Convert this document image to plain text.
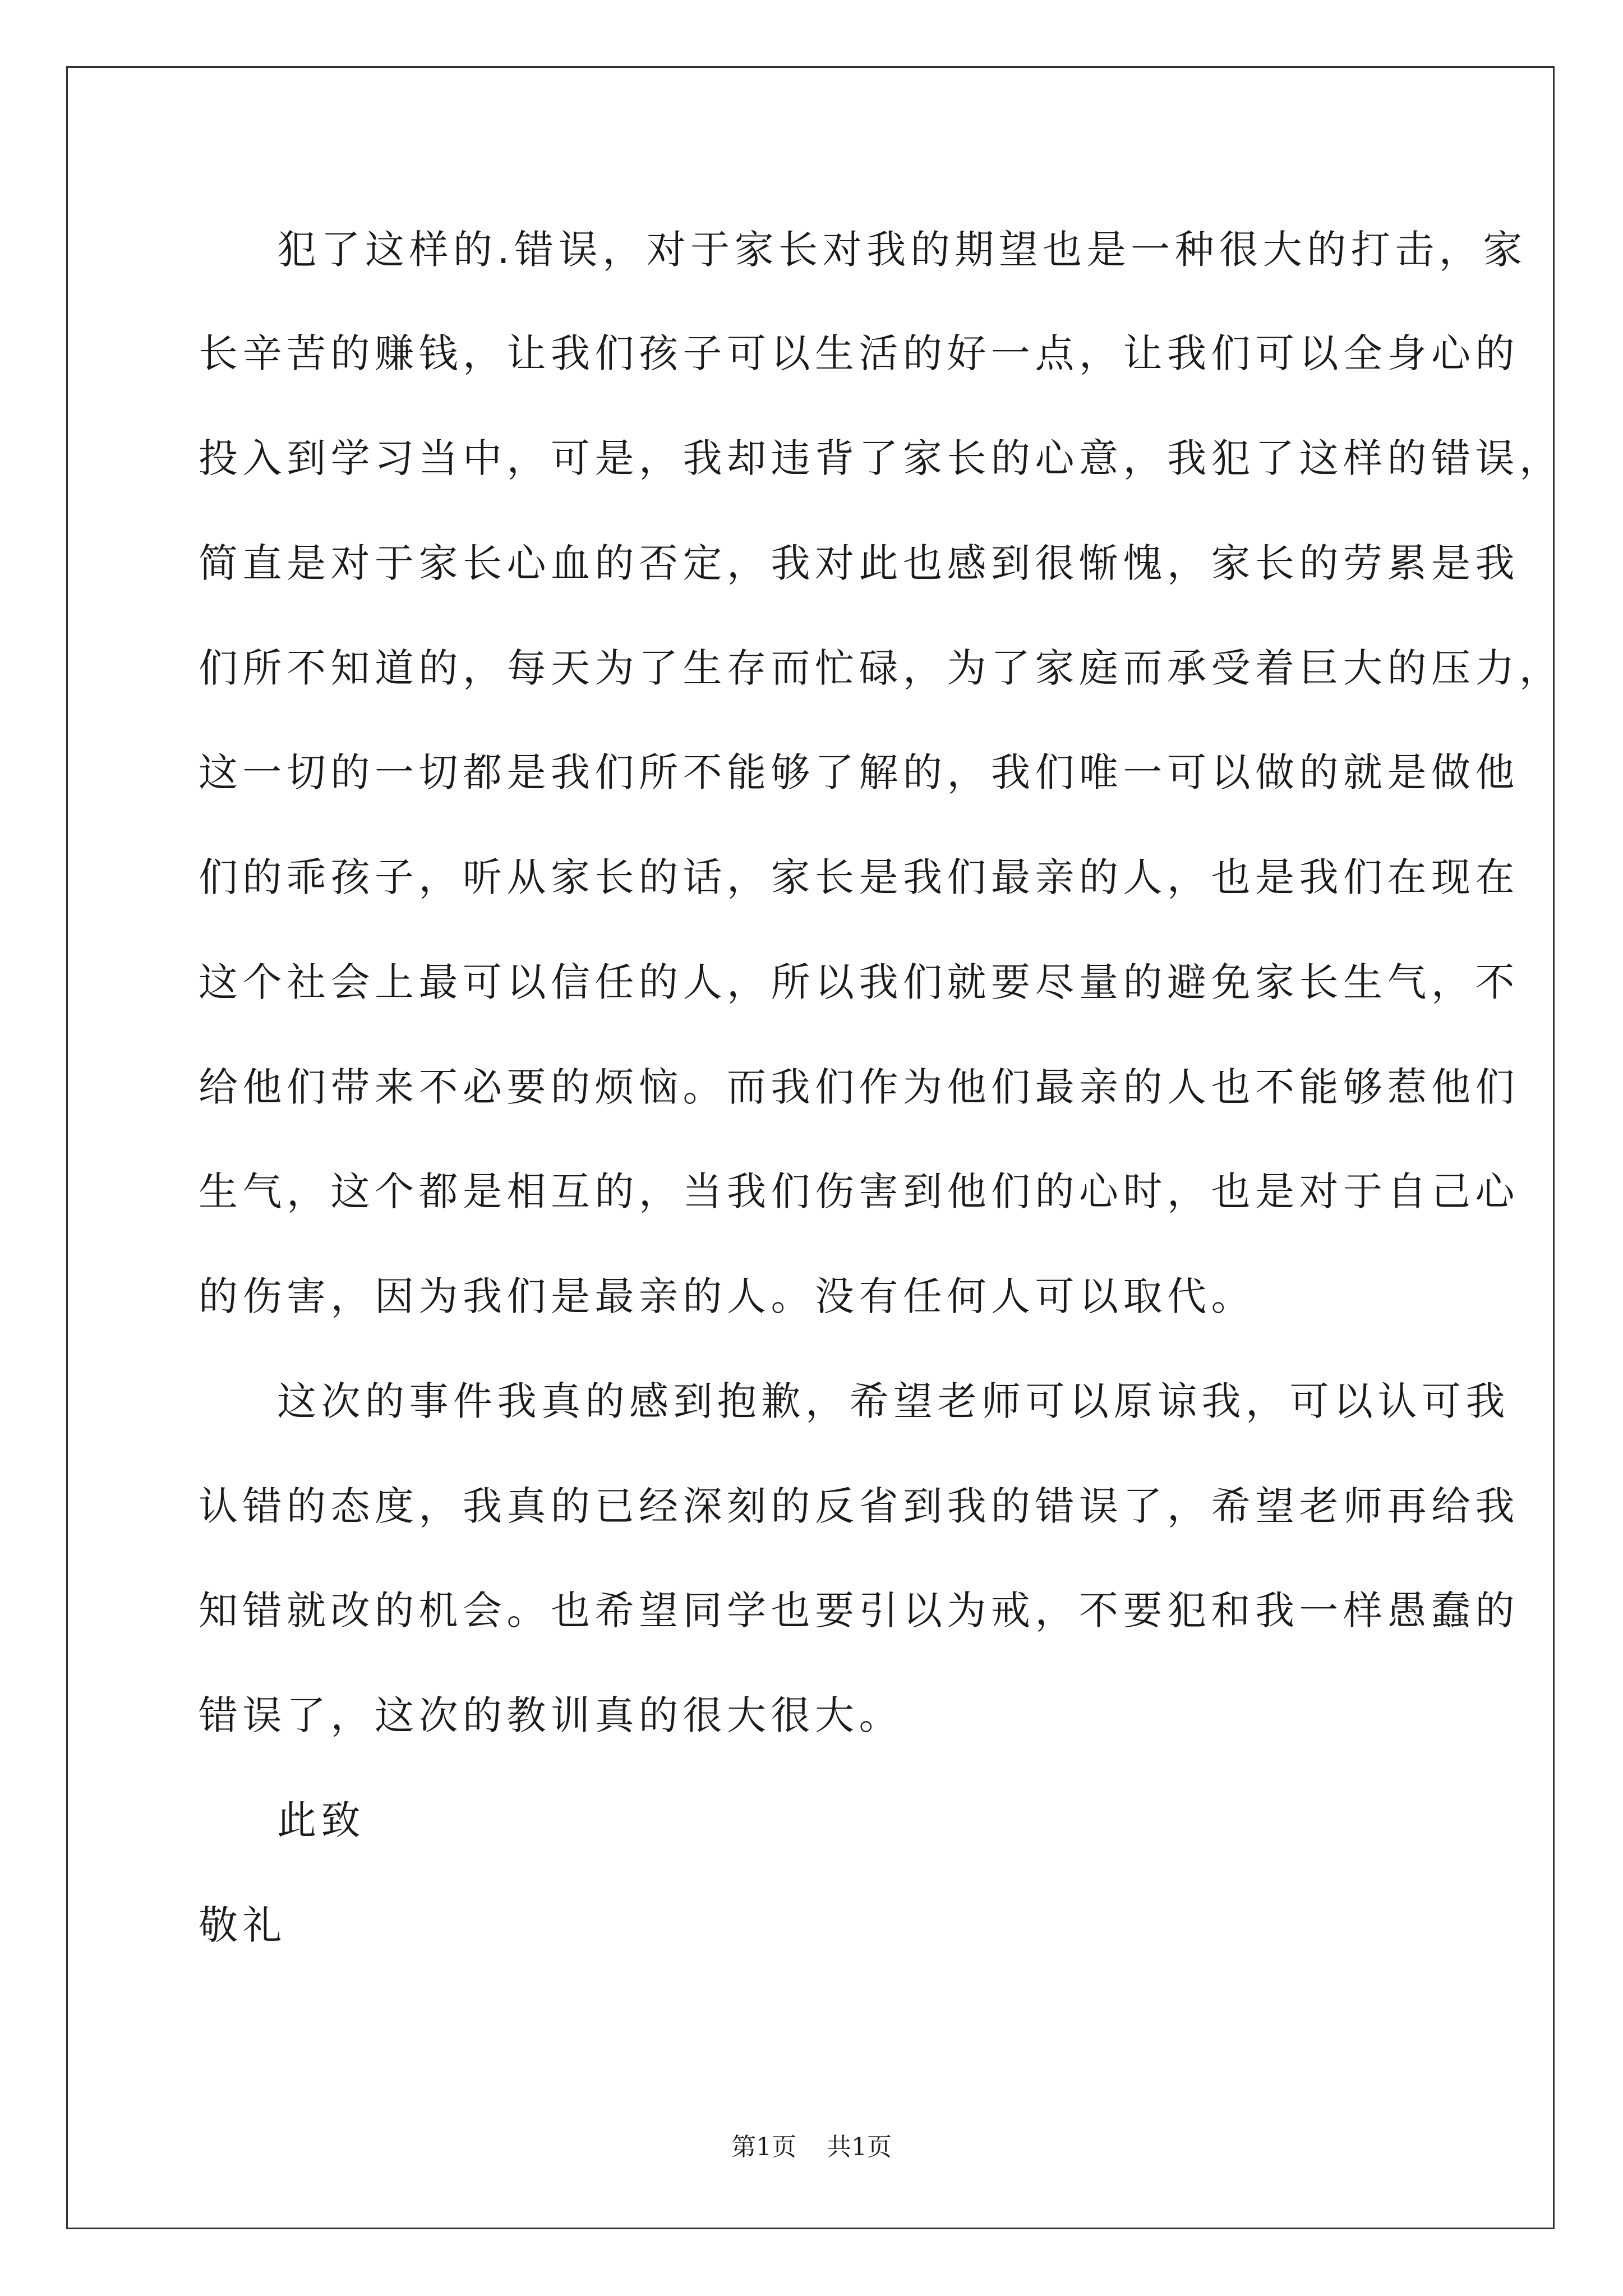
犯了这样的.错误，对于家长对我的期望也是一种很大的打击，家
长辛苦的赚钱，让我们孩子可以生活的好一点，让我们可以全身心的
投入到学习当中，可是，我却违背了家长的心意，我犯了这样的错误，
简直是对于家长心血的否定，我对此也感到很惭愧，家长的劳累是我
们所不知道的，每天为了生存而忙碌，为了家庭而承受着巨大的压力，
这一切的一切都是我们所不能够了解的，我们唯一可以做的就是做他
们的乖孩子，听从家长的话，家长是我们最亲的人，也是我们在现在
这个社会上最可以信任的人，所以我们就要尽量的避免家长生气，不
给他们带来不必要的烦恼。而我们作为他们最亲的人也不能够惹他们
生气，这个都是相互的，当我们伤害到他们的心时，也是对于自己心
的伤害，因为我们是最亲的人。没有任何人可以取代。
这次的事件我真的感到抱歉，希望老师可以原谅我，可以认可我
认错的态度，我真的已经深刻的反省到我的错误了，希望老师再给我
知错就改的机会。也希望同学也要引以为戒，不要犯和我一样愚蠢的
错误了，这次的教训真的很大很大。
此致
敬礼
第1页 共1页
